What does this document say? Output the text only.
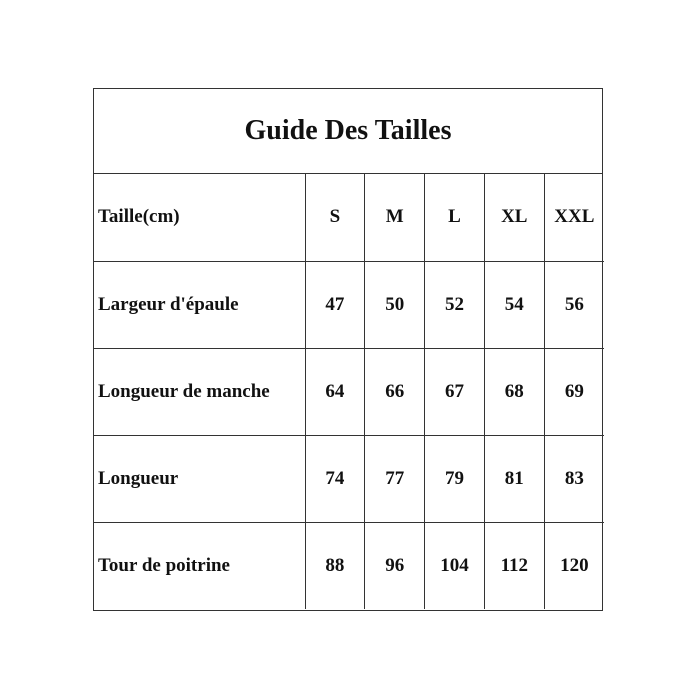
Guide Des Tailles
Taille(cm)	S	M	L	XL	XXL
Largeur d'épaule	47	50	52	54	56
Longueur de manche	64	66	67	68	69
Longueur	74	77	79	81	83
Tour de poitrine	88	96	104	112	120
